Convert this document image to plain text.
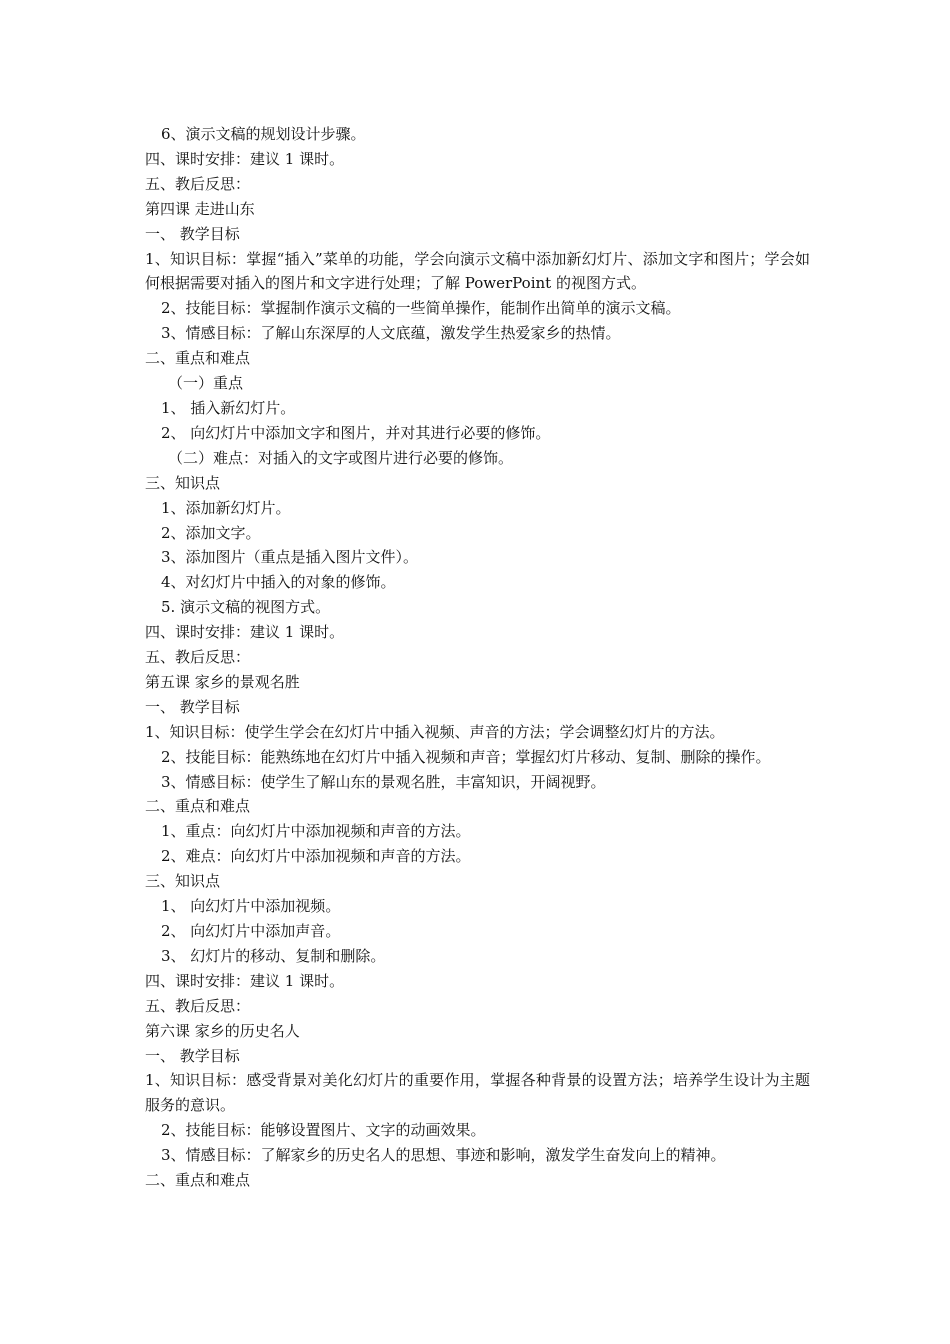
6、演示文稿的规划设计步骤。
四、课时安排：建议 1 课时。
五、教后反思：
第四课 走进山东
一、 教学目标
1、知识目标：掌握“插入”菜单的功能，学会向演示文稿中添加新幻灯片、添加文字和图片；学会如何根据需要对插入的图片和文字进行处理；了解 PowerPoint 的视图方式。
2、技能目标：掌握制作演示文稿的一些简单操作，能制作出简单的演示文稿。
3、情感目标：了解山东深厚的人文底蕴，激发学生热爱家乡的热情。
二、重点和难点
（一）重点
1、 插入新幻灯片。
2、 向幻灯片中添加文字和图片，并对其进行必要的修饰。
（二）难点：对插入的文字或图片进行必要的修饰。
三、知识点
1、添加新幻灯片。
2、添加文字。
3、添加图片（重点是插入图片文件）。
4、对幻灯片中插入的对象的修饰。
5. 演示文稿的视图方式。
四、课时安排：建议 1 课时。
五、教后反思：
第五课 家乡的景观名胜
一、 教学目标
1、知识目标：使学生学会在幻灯片中插入视频、声音的方法；学会调整幻灯片的方法。
2、技能目标：能熟练地在幻灯片中插入视频和声音；掌握幻灯片移动、复制、删除的操作。
3、情感目标：使学生了解山东的景观名胜，丰富知识，开阔视野。
二、重点和难点
1、重点：向幻灯片中添加视频和声音的方法。
2、难点：向幻灯片中添加视频和声音的方法。
三、知识点
1、 向幻灯片中添加视频。
2、 向幻灯片中添加声音。
3、 幻灯片的移动、复制和删除。
四、课时安排：建议 1 课时。
五、教后反思：
第六课 家乡的历史名人
一、 教学目标
1、知识目标：感受背景对美化幻灯片的重要作用，掌握各种背景的设置方法；培养学生设计为主题服务的意识。
2、技能目标：能够设置图片、文字的动画效果。
3、情感目标：了解家乡的历史名人的思想、事迹和影响，激发学生奋发向上的精神。
二、重点和难点
